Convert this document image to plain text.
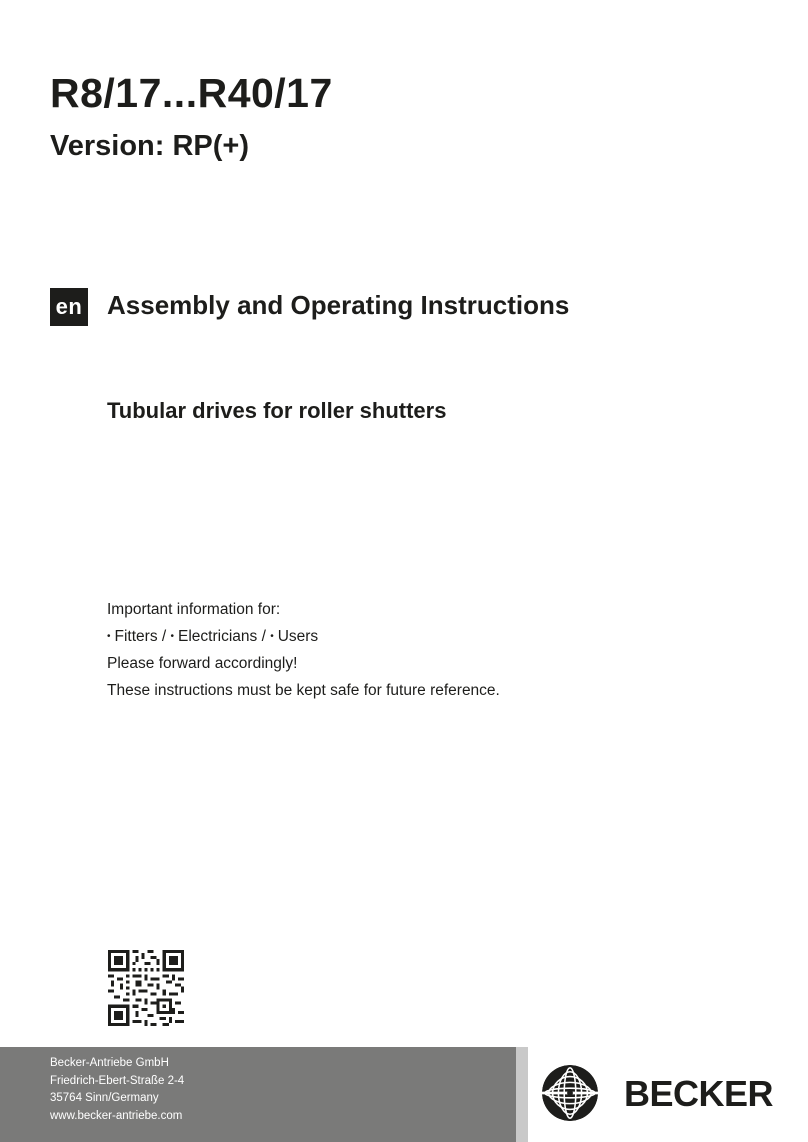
R8/17...R40/17
Version: RP(+)
en Assembly and Operating Instructions
Tubular drives for roller shutters
Important information for:
• Fitters / • Electricians / • Users
Please forward accordingly!
These instructions must be kept safe for future reference.
Becker-Antriebe GmbH
Friedrich-Ebert-Straße 2-4
35764 Sinn/Germany
www.becker-antriebe.com
BECKER
